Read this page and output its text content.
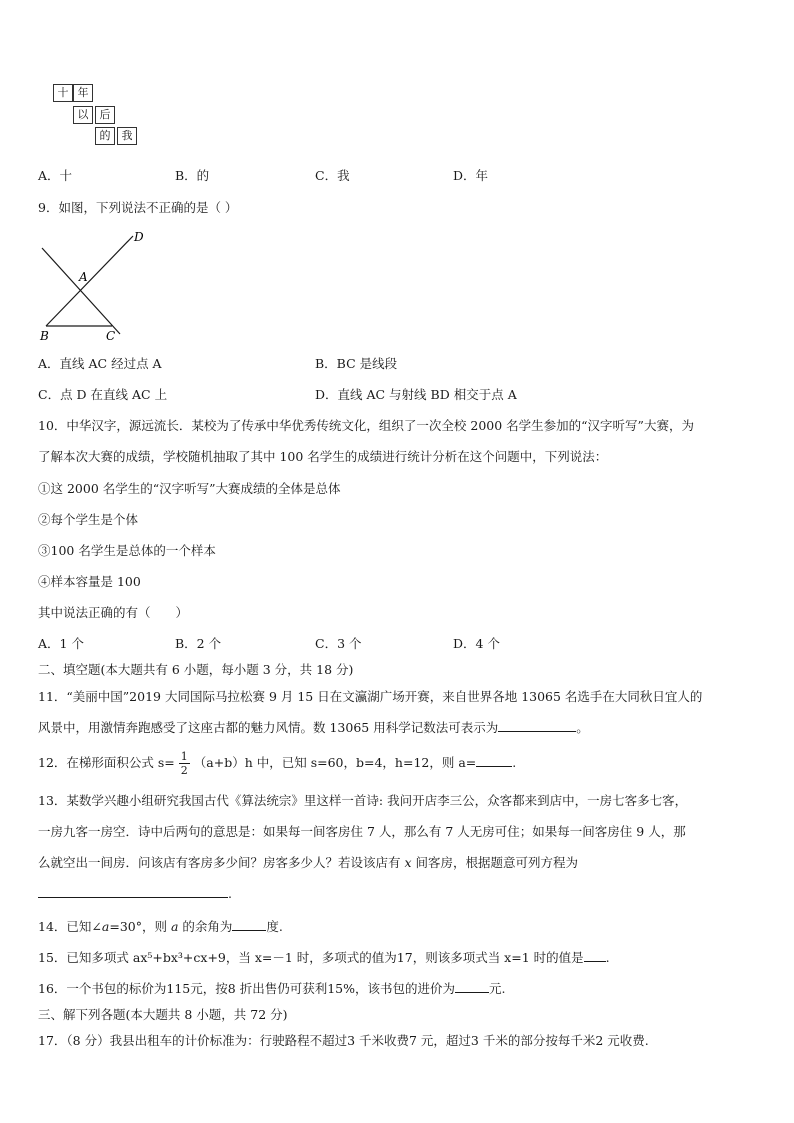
十 年
以	后
的	我
A．十	B．的	C．我	D．年
9．如图，下列说法不正确的是（ ）
D
A
B	C
A．直线 AC 经过点 A	B．BC 是线段
C．点 D 在直线 AC 上	D．直线 AC 与射线 BD 相交于点 A
10．中华汉字，源远流长．某校为了传承中华优秀传统文化，组织了一次全校 2000 名学生参加的“汉字听写”大赛，为
了解本次大赛的成绩，学校随机抽取了其中 100 名学生的成绩进行统计分析在这个问题中，下列说法：
①这 2000 名学生的“汉字听写”大赛成绩的全体是总体
②每个学生是个体
③100 名学生是总体的一个样本
④样本容量是 100
其中说法正确的有（　　）
A．1 个	B．2 个	C．3 个	D．4 个
二、填空题(本大题共有 6 小题，每小题 3 分，共 18 分)
11．“美丽中国”2019 大同国际马拉松赛 9 月 15 日在文瀛湖广场开赛，来自世界各地 13065 名选手在大同秋日宜人的
风景中，用激情奔跑感受了这座古都的魅力风情。数 13065 用科学记数法可表示为	。
12．在梯形面积公式 $s= \frac{1}{2} (a+b)h$ 中，已知 s=60，b=4，h=12，则 a=	.
13．某数学兴趣小组研究我国古代《算法统宗》里这样一首诗: 我问开店李三公，众客都来到店中，一房七客多七客，
一房九客一房空．诗中后两句的意思是：如果每一间客房住 7 人，那么有 7 人无房可住；如果每一间客房住 9 人，那
么就空出一间房．问该店有客房多少间？房客多少人？若设该店有 x 间客房，根据题意可列方程为
.
14．已知∠a=30°，则 a 的余角为	度.
15．已知多项式 ax⁵+bx³+cx+9，当 x=－1 时，多项式的值为17，则该多项式当 x=1 时的值是 .
16．一个书包的标价为115元，按8 折出售仍可获利15%，该书包的进价为	元.
三、解下列各题(本大题共 8 小题，共 72 分)
17．（8 分）我县出租车的计价标准为：行驶路程不超过3 千米收费7 元，超过3 千米的部分按每千米2 元收费.
